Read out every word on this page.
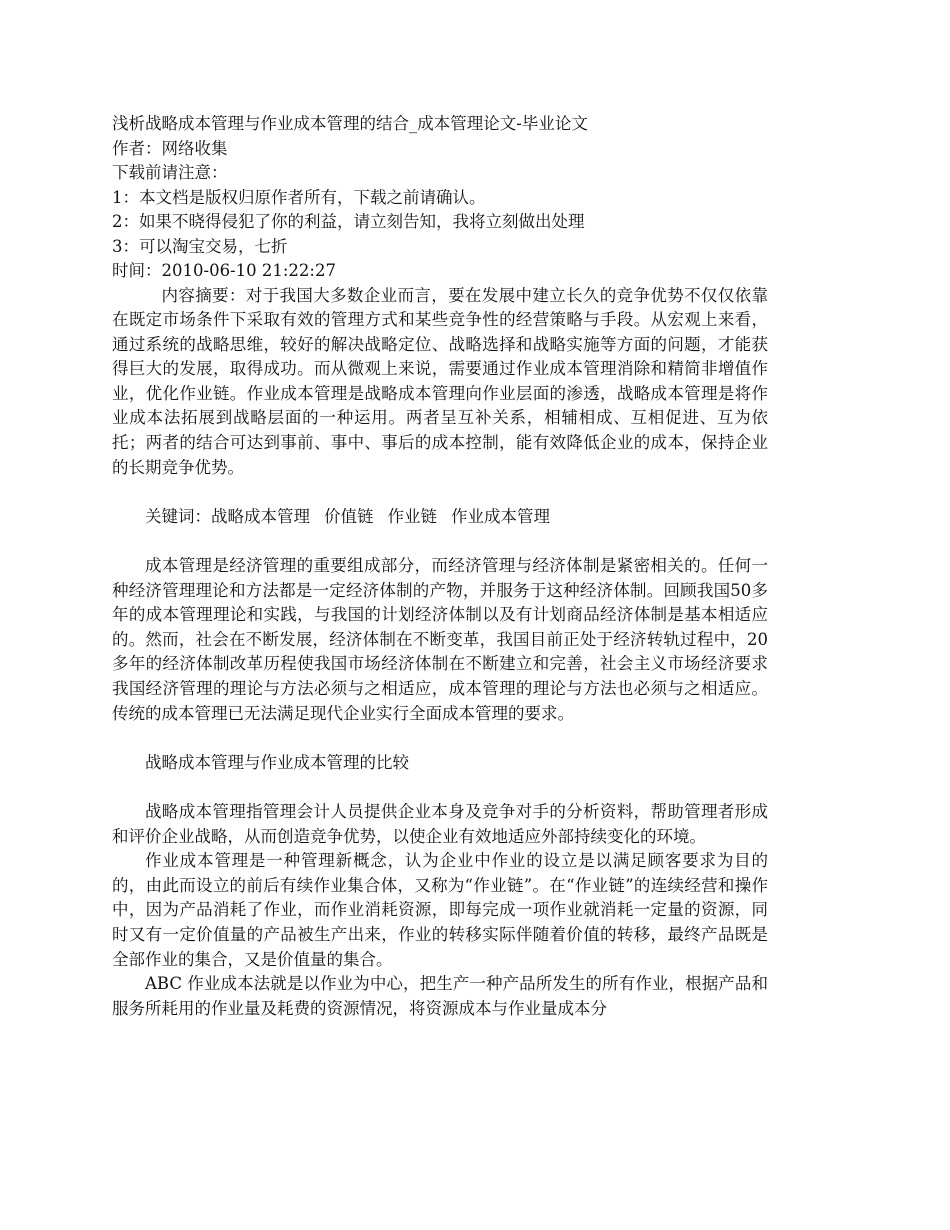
浅析战略成本管理与作业成本管理的结合_成本管理论文-毕业论文

作者：网络收集

下载前请注意：

1：本文档是版权归原作者所有，下载之前请确认。

2：如果不晓得侵犯了你的利益，请立刻告知，我将立刻做出处理

3：可以淘宝交易，七折

时间：2010-06-10 21:22:27

内容摘要：对于我国大多数企业而言，要在发展中建立长久的竞争优势不仅仅依靠在既定市场条件下采取有效的管理方式和某些竞争性的经营策略与手段。从宏观上来看，通过系统的战略思维，较好的解决战略定位、战略选择和战略实施等方面的问题，才能获得巨大的发展，取得成功。而从微观上来说，需要通过作业成本管理消除和精简非增值作业，优化作业链。作业成本管理是战略成本管理向作业层面的渗透，战略成本管理是将作业成本法拓展到战略层面的一种运用。两者呈互补关系，相辅相成、互相促进、互为依托；两者的结合可达到事前、事中、事后的成本控制，能有效降低企业的成本，保持企业的长期竞争优势。

关键词：战略成本管理 价值链 作业链 作业成本管理

成本管理是经济管理的重要组成部分，而经济管理与经济体制是紧密相关的。任何一种经济管理理论和方法都是一定经济体制的产物，并服务于这种经济体制。回顾我国50多年的成本管理理论和实践，与我国的计划经济体制以及有计划商品经济体制是基本相适应的。然而，社会在不断发展，经济体制在不断变革，我国目前正处于经济转轨过程中，20多年的经济体制改革历程使我国市场经济体制在不断建立和完善，社会主义市场经济要求我国经济管理的理论与方法必须与之相适应，成本管理的理论与方法也必须与之相适应。传统的成本管理已无法满足现代企业实行全面成本管理的要求。

战略成本管理与作业成本管理的比较

战略成本管理指管理会计人员提供企业本身及竞争对手的分析资料，帮助管理者形成和评价企业战略，从而创造竞争优势，以使企业有效地适应外部持续变化的环境。

作业成本管理是一种管理新概念，认为企业中作业的设立是以满足顾客要求为目的的，由此而设立的前后有续作业集合体，又称为“作业链”。在“作业链”的连续经营和操作中，因为产品消耗了作业，而作业消耗资源，即每完成一项作业就消耗一定量的资源，同时又有一定价值量的产品被生产出来，作业的转移实际伴随着价值的转移，最终产品既是全部作业的集合，又是价值量的集合。

ABC 作业成本法就是以作业为中心，把生产一种产品所发生的所有作业，根据产品和服务所耗用的作业量及耗费的资源情况，将资源成本与作业量成本分
